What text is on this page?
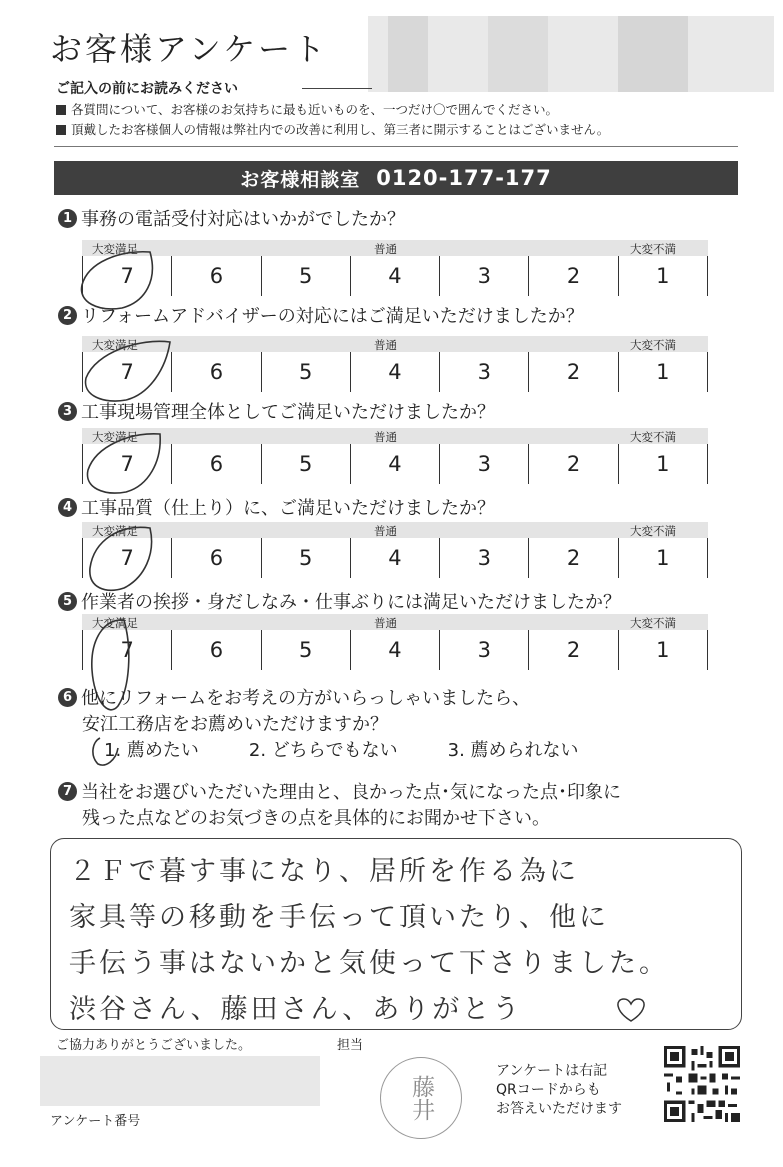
お客様アンケート
ご記入の前にお読みください
各質問について、お客様のお気持ちに最も近いものを、一つだけ〇で囲んでください。
頂戴したお客様個人の情報は弊社内での改善に利用し、第三者に開示することはございません。
お客様相談室 0120-177-177
1 事務の電話受付対応はいかがでしたか？
大変満足	普通	大変不満
7	6	5	4	3	2	1
2 リフォームアドバイザーの対応にはご満足いただけましたか？
大変満足	普通	大変不満
7	6	5	4	3	2	1
3 工事現場管理全体としてご満足いただけましたか？
大変満足	普通	大変不満
7	6	5	4	3	2	1
4 工事品質（仕上り）に、ご満足いただけましたか？
大変満足	普通	大変不満
7	6	5	4	3	2	1
5 作業者の挨拶・身だしなみ・仕事ぶりには満足いただけましたか？
大変満足	普通	大変不満
7	6	5	4	3	2	1
6 他にリフォームをお考えの方がいらっしゃいましたら、
安江工務店をお薦めいただけますか？
1. 薦めたい	2. どちらでもない	3. 薦められない
7 当社をお選びいただいた理由と、良かった点･気になった点･印象に
残った点などのお気づきの点を具体的にお聞かせ下さい。
２Ｆで暮す事になり、居所を作る為に
家具等の移動を手伝って頂いたり、他に
手伝う事はないかと気使って下さりました。
渋谷さん、藤田さん、ありがとう
ご協力ありがとうございました。	担当
アンケート番号
藤井
アンケートは右記
QRコードからも
お答えいただけます
